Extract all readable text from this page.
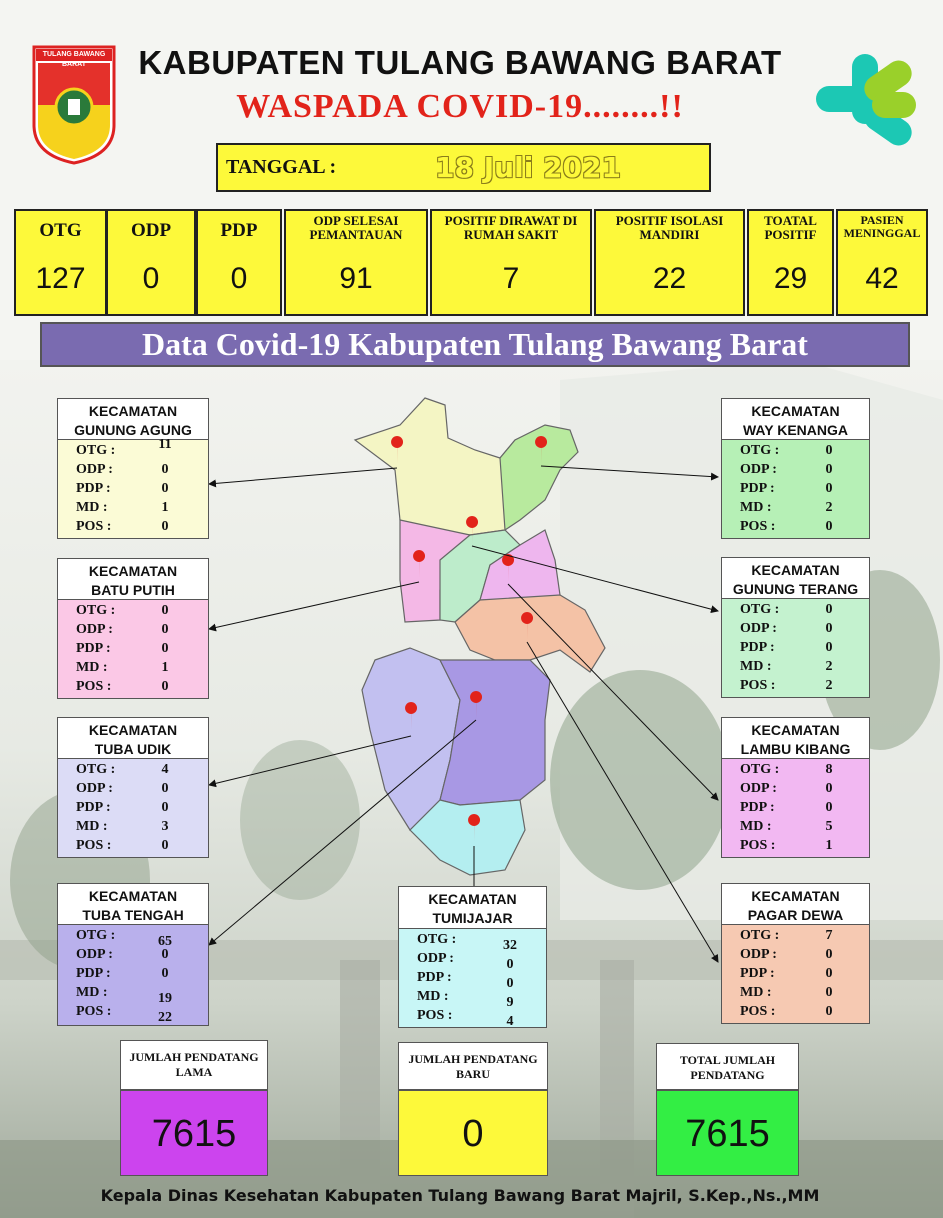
TULANG BAWANG BARAT	KABUPATEN TULANG BAWANG BARAT
WASPADA COVID-19........!!
TANGGAL :	18 Juli 2021
OTG
127
ODP
0
PDP
0
ODP SELESAI PEMANTAUAN
91
POSITIF DIRAWAT DI RUMAH SAKIT
7
POSITIF ISOLASI MANDIRI
22
TOATAL POSITIF
29
PASIEN MENINGGAL
42
Data Covid-19 Kabupaten Tulang Bawang Barat
KECAMATAN
GUNUNG AGUNG
OTG :	11
ODP :	0
PDP :	0
MD :	1
POS :	0
KECAMATAN
BATU PUTIH
OTG :	0
ODP :	0
PDP :	0
MD :	1
POS :	0
KECAMATAN
TUBA UDIK
OTG :	4
ODP :	0
PDP :	0
MD :	3
POS :	0
KECAMATAN
TUBA TENGAH
OTG :	65
ODP :	0
PDP :	0
MD :	19
POS :	22
KECAMATAN
WAY KENANGA
OTG :	0
ODP :	0
PDP :	0
MD :	2
POS :	0
KECAMATAN
GUNUNG TERANG
OTG :	0
ODP :	0
PDP :	0
MD :	2
POS :	2
KECAMATAN
LAMBU KIBANG
OTG :	8
ODP :	0
PDP :	0
MD :	5
POS :	1
KECAMATAN
PAGAR DEWA
OTG :	7
ODP :	0
PDP :	0
MD :	0
POS :	0
KECAMATAN
TUMIJAJAR
OTG :	32
ODP :	0
PDP :	0
MD :	9
POS :	4
JUMLAH PENDATANG LAMA
7615
JUMLAH PENDATANG BARU
0
TOTAL JUMLAH PENDATANG
7615
Kepala Dinas Kesehatan Kabupaten Tulang Bawang Barat Majril, S.Kep.,Ns.,MM
